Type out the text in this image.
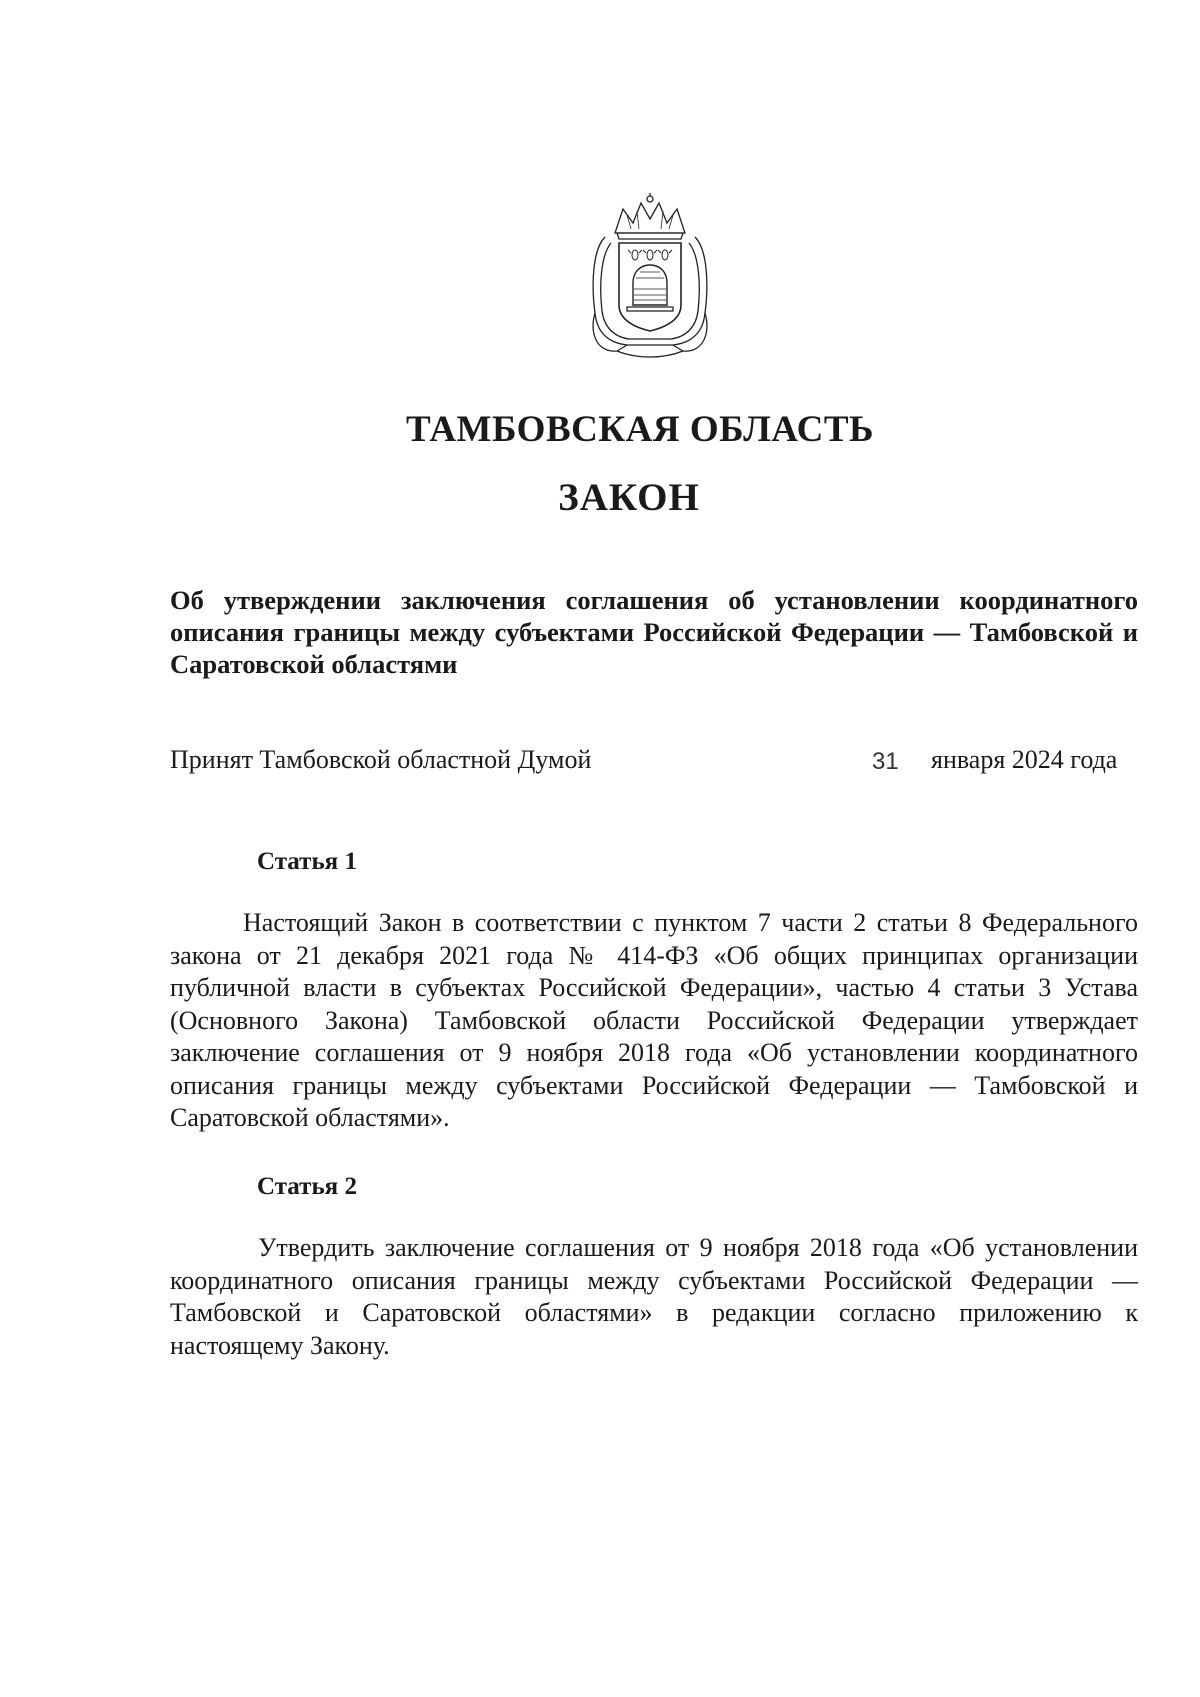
ТАМБОВСКАЯ ОБЛАСТЬ
ЗАКОН
Об утверждении заключения соглашения об установлении координатного описания границы между субъектами Российской Федерации — Тамбовской и Саратовской областями
Принят Тамбовской областной Думой	31 января 2024 года
Статья 1

Настоящий Закон в соответствии с пунктом 7 части 2 статьи 8 Федерального закона от 21 декабря 2021 года № 414-ФЗ «Об общих принципах организации публичной власти в субъектах Российской Федерации», частью 4 статьи 3 Устава (Основного Закона) Тамбовской области Российской Федерации утверждает заключение соглашения от 9 ноября 2018 года «Об установлении координатного описания границы между субъектами Российской Федерации — Тамбовской и Саратовской областями».

Статья 2

Утвердить заключение соглашения от 9 ноября 2018 года «Об установлении координатного описания границы между субъектами Российской Федерации — Тамбовской и Саратовской областями» в редакции согласно приложению к настоящему Закону.
